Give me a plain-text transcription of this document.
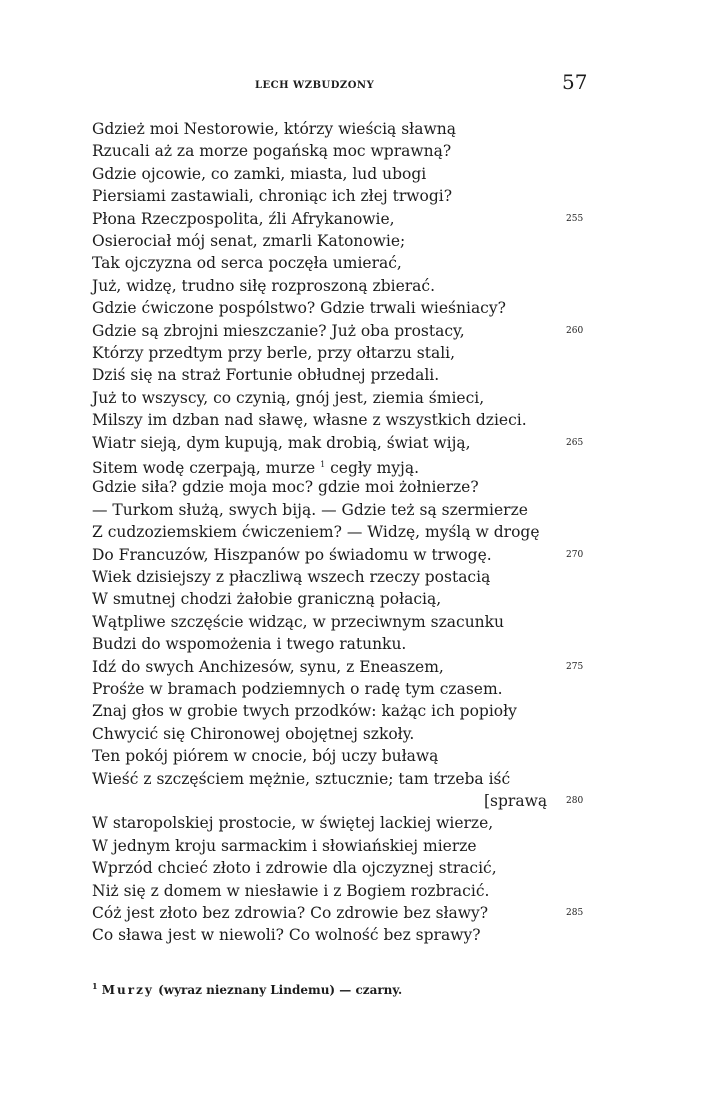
LECH WZBUDZONY	57
Gdzież moi Nestorowie, którzy wieścią sławną
Rzucali aż za morze pogańską moc wprawną?
Gdzie ojcowie, co zamki, miasta, lud ubogi
Piersiami zastawiali, chroniąc ich złej trwogi?
Płona Rzeczpospolita, źli Afrykanowie,	255
Osierociał mój senat, zmarli Katonowie;
Tak ojczyzna od serca poczęła umierać,
Już, widzę, trudno siłę rozproszoną zbierać.
Gdzie ćwiczone pospólstwo? Gdzie trwali wieśniacy?
Gdzie są zbrojni mieszczanie? Już oba prostacy,	260
Którzy przedtym przy berle, przy ołtarzu stali,
Dziś się na straż Fortunie obłudnej przedali.
Już to wszyscy, co czynią, gnój jest, ziemia śmieci,
Milszy im dzban nad sławę, własne z wszystkich dzieci.
Wiatr sieją, dym kupują, mak drobią, świat wiją,	265
Sitem wodę czerpają, murze $^1$ cegły myją.
Gdzie siła? gdzie moja moc? gdzie moi żołnierze?
— Turkom służą, swych biją. — Gdzie też są szermierze
Z cudzoziemskiem ćwiczeniem? — Widzę, myślą w drogę
Do Francuzów, Hiszpanów po świadomu w trwogę.	270
Wiek dzisiejszy z płaczliwą wszech rzeczy postacią
W smutnej chodzi żałobie graniczną połacią,
Wątpliwe szczęście widząc, w przeciwnym szacunku
Budzi do wspomożenia i twego ratunku.
Idź do swych Anchizesów, synu, z Eneaszem,	275
Prośże w bramach podziemnych o radę tym czasem.
Znaj głos w grobie twych przodków: każąc ich popioły
Chwycić się Chironowej obojętnej szkoły.
Ten pokój piórem w cnocie, bój uczy buławą
Wieść z szczęściem mężnie, sztucznie; tam trzeba iść
[sprawą 280
W staropolskiej prostocie, w świętej lackiej wierze,
W jednym kroju sarmackim i słowiańskiej mierze
Wprzód chcieć złoto i zdrowie dla ojczyznej stracić,
Niż się z domem w niesławie i z Bogiem rozbracić.
Cóż jest złoto bez zdrowia? Co zdrowie bez sławy?	285
Co sława jest w niewoli? Co wolność bez sprawy?
$^1$ Murzy (wyraz nieznany Lindemu) — czarny.
